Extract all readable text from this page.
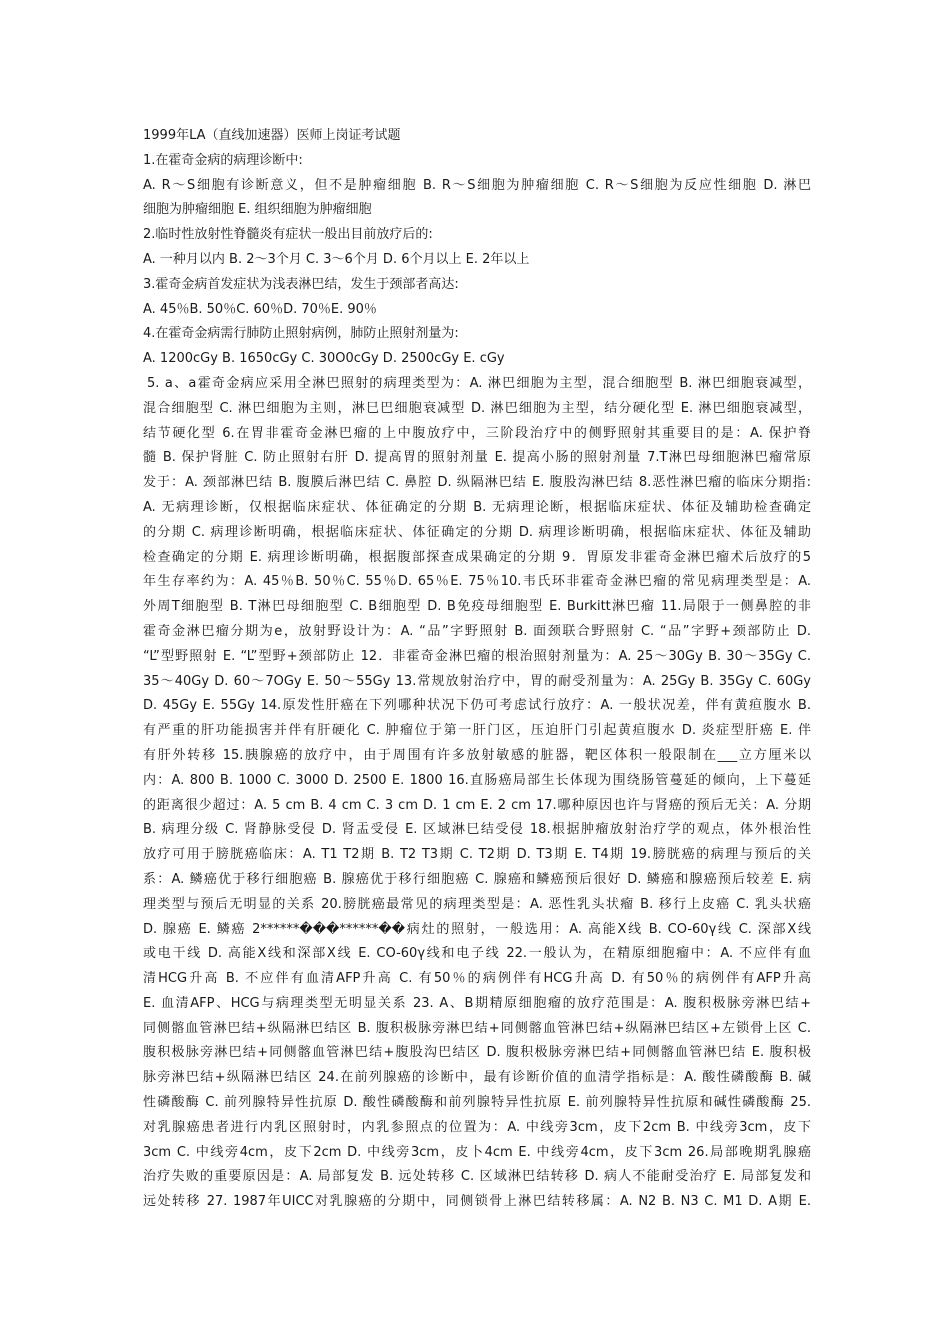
1999年LA（直线加速器）医师上岗证考试题
1.在霍奇金病的病理诊断中:
A. R～S细胞有诊断意义，但不是肿瘤细胞 B. R～S细胞为肿瘤细胞 C. R～S细胞为反应性细胞 D. 淋巴
细胞为肿瘤细胞 E. 组织细胞为肿瘤细胞
2.临时性放射性脊髓炎有症状一般出目前放疗后的:
A. 一种月以内 B. 2～3个月 C. 3～6个月 D. 6个月以上 E. 2年以上
3.霍奇金病首发症状为浅表淋巴结，发生于颈部者高达:
A. 45％B. 50％C. 60％D. 70％E. 90％
4.在霍奇金病需行肺防止照射病例，肺防止照射剂量为:
A. 1200cGy B. 1650cGy C. 30O0cGy D. 2500cGy E. cGy
5. a、a霍奇金病应采用全淋巴照射的病理类型为：A. 淋巴细胞为主型，混合细胞型 B. 淋巴细胞衰减型，
混合细胞型 C. 淋巴细胞为主则，淋巳巴细胞衰减型 D. 淋巴细胞为主型，结分硬化型 E. 淋巴细胞衰减型，
结节硬化型 6.在胃非霍奇金淋巴瘤的上中腹放疗中，三阶段治疗中的侧野照射其重要目的是：A. 保护脊
髓 B. 保护肾脏 C. 防止照射右肝 D. 提高胃的照射剂量 E. 提高小肠的照射剂量 7.T淋巴母细胞淋巴瘤常原
发于：A. 颈部淋巴结 B. 腹膜后淋巴结 C. 鼻腔 D. 纵隔淋巴结 E. 腹股沟淋巴结 8.恶性淋巴瘤的临床分期指:
A. 无病理诊断，仅根据临床症状、体征确定的分期 B. 无病理论断，根据临床症状、体征及辅助检查确定
的分期 C. 病理诊断明确，根据临床症状、体征确定的分期 D. 病理诊断明确，根据临床症状、体征及辅助
检查确定的分期 E. 病理诊断明确，根据腹部探查成果确定的分期 9．胃原发非霍奇金淋巴瘤术后放疗的5
年生存率约为：A. 45％B. 50％C. 55％D. 65％E. 75％10.韦氏环非霍奇金淋巴瘤的常见病理类型是：A.
外周T细胞型 B. T淋巴母细胞型 C. B细胞型 D. B免疫母细胞型 E. Burkitt淋巴瘤 11.局限于一侧鼻腔的非
霍奇金淋巴瘤分期为e，放射野设计为：A. “品”字野照射 B. 面颈联合野照射 C. “品”字野+颈部防止 D.
“L”型野照射 E. “L”型野+颈部防止 12．非霍奇金淋巴瘤的根治照射剂量为：A. 25～30Gy B. 30～35Gy C.
35～40Gy D. 60～7OGy E. 50～55Gy 13.常规放射治疗中，胃的耐受剂量为：A. 25Gy B. 35Gy C. 60Gy
D. 45Gy E. 55Gy 14.原发性肝癌在下列哪种状况下仍可考虑试行放疗：A. 一般状况差，伴有黄疸腹水 B.
有严重的肝功能损害并伴有肝硬化 C. 肿瘤位于第一肝门区，压迫肝门引起黄疸腹水 D. 炎症型肝癌 E. 伴
有肝外转移 15.胰腺癌的放疗中，由于周围有许多放射敏感的脏器，靶区体积一般限制在___立方厘米以
内：A. 800 B. 1000 C. 3000 D. 2500 E. 1800 16.直肠癌局部生长体现为围绕肠管蔓延的倾向，上下蔓延
的距离很少超过：A. 5 cm B. 4 cm C. 3 cm D. 1 cm E. 2 cm 17.哪种原因也许与肾癌的预后无关：A. 分期
B. 病理分级 C. 肾静脉受侵 D. 肾盂受侵 E. 区域淋巳结受侵 18.根据肿瘤放射治疗学的观点，体外根治性
放疗可用于膀胱癌临床：A. T1 T2期 B. T2 T3期 C. T2期 D. T3期 E. T4期 19.膀胱癌的病理与预后的关
系：A. 鳞癌优于移行细胞癌 B. 腺癌优于移行细胞癌 C. 腺癌和鳞癌预后很好 D. 鳞癌和腺癌预后较差 E. 病
理类型与预后无明显的关系 20.膀胱癌最常见的病理类型是：A. 恶性乳头状瘤 B. 移行上皮癌 C. 乳头状癌
D. 腺癌 E. 鳞癌 2******���******��病灶的照射，一般选用：A. 高能X线 B. CO-60γ线 C. 深部X线
或电干线 D. 高能X线和深部X线 E. CO-60γ线和电子线 22.一般认为，在精原细胞瘤中：A. 不应伴有血
清HCG升高 B. 不应伴有血清AFP升高 C. 有50％的病例伴有HCG升高 D. 有50％的病例伴有AFP升高
E. 血清AFP、HCG与病理类型无明显关系 23. A、B期精原细胞瘤的放疗范围是：A. 腹积极脉旁淋巴结+
同侧髂血管淋巴结+纵隔淋巴结区 B. 腹积极脉旁淋巴结+同侧髂血管淋巴结+纵隔淋巴结区+左锁骨上区 C.
腹积极脉旁淋巴结+同侧髂血管淋巴结+腹股沟巴结区 D. 腹积极脉旁淋巴结+同侧髂血管淋巴结 E. 腹积极
脉旁淋巴结+纵隔淋巴结区 24.在前列腺癌的诊断中，最有诊断价值的血清学指标是：A. 酸性磷酸酶 B. 碱
性磷酸酶 C. 前列腺特异性抗原 D. 酸性磷酸酶和前列腺特异性抗原 E. 前列腺特异性抗原和碱性磷酸酶 25.
对乳腺癌患者进行内乳区照射时，内乳参照点的位置为：A. 中线旁3cm，皮下2cm B. 中线旁3cm，皮下
3cm C. 中线旁4cm，皮下2cm D. 中线旁3cm，皮卜4cm E. 中线旁4cm，皮下3cm 26.局部晚期乳腺癌
治疗失败的重要原因是：A. 局部复发 B. 远处转移 C. 区域淋巴结转移 D. 病人不能耐受治疗 E. 局部复发和
远处转移 27. 1987年UICC对乳腺癌的分期中，同侧锁骨上淋巴结转移属：A. N2 B. N3 C. M1 D. A期 E.
